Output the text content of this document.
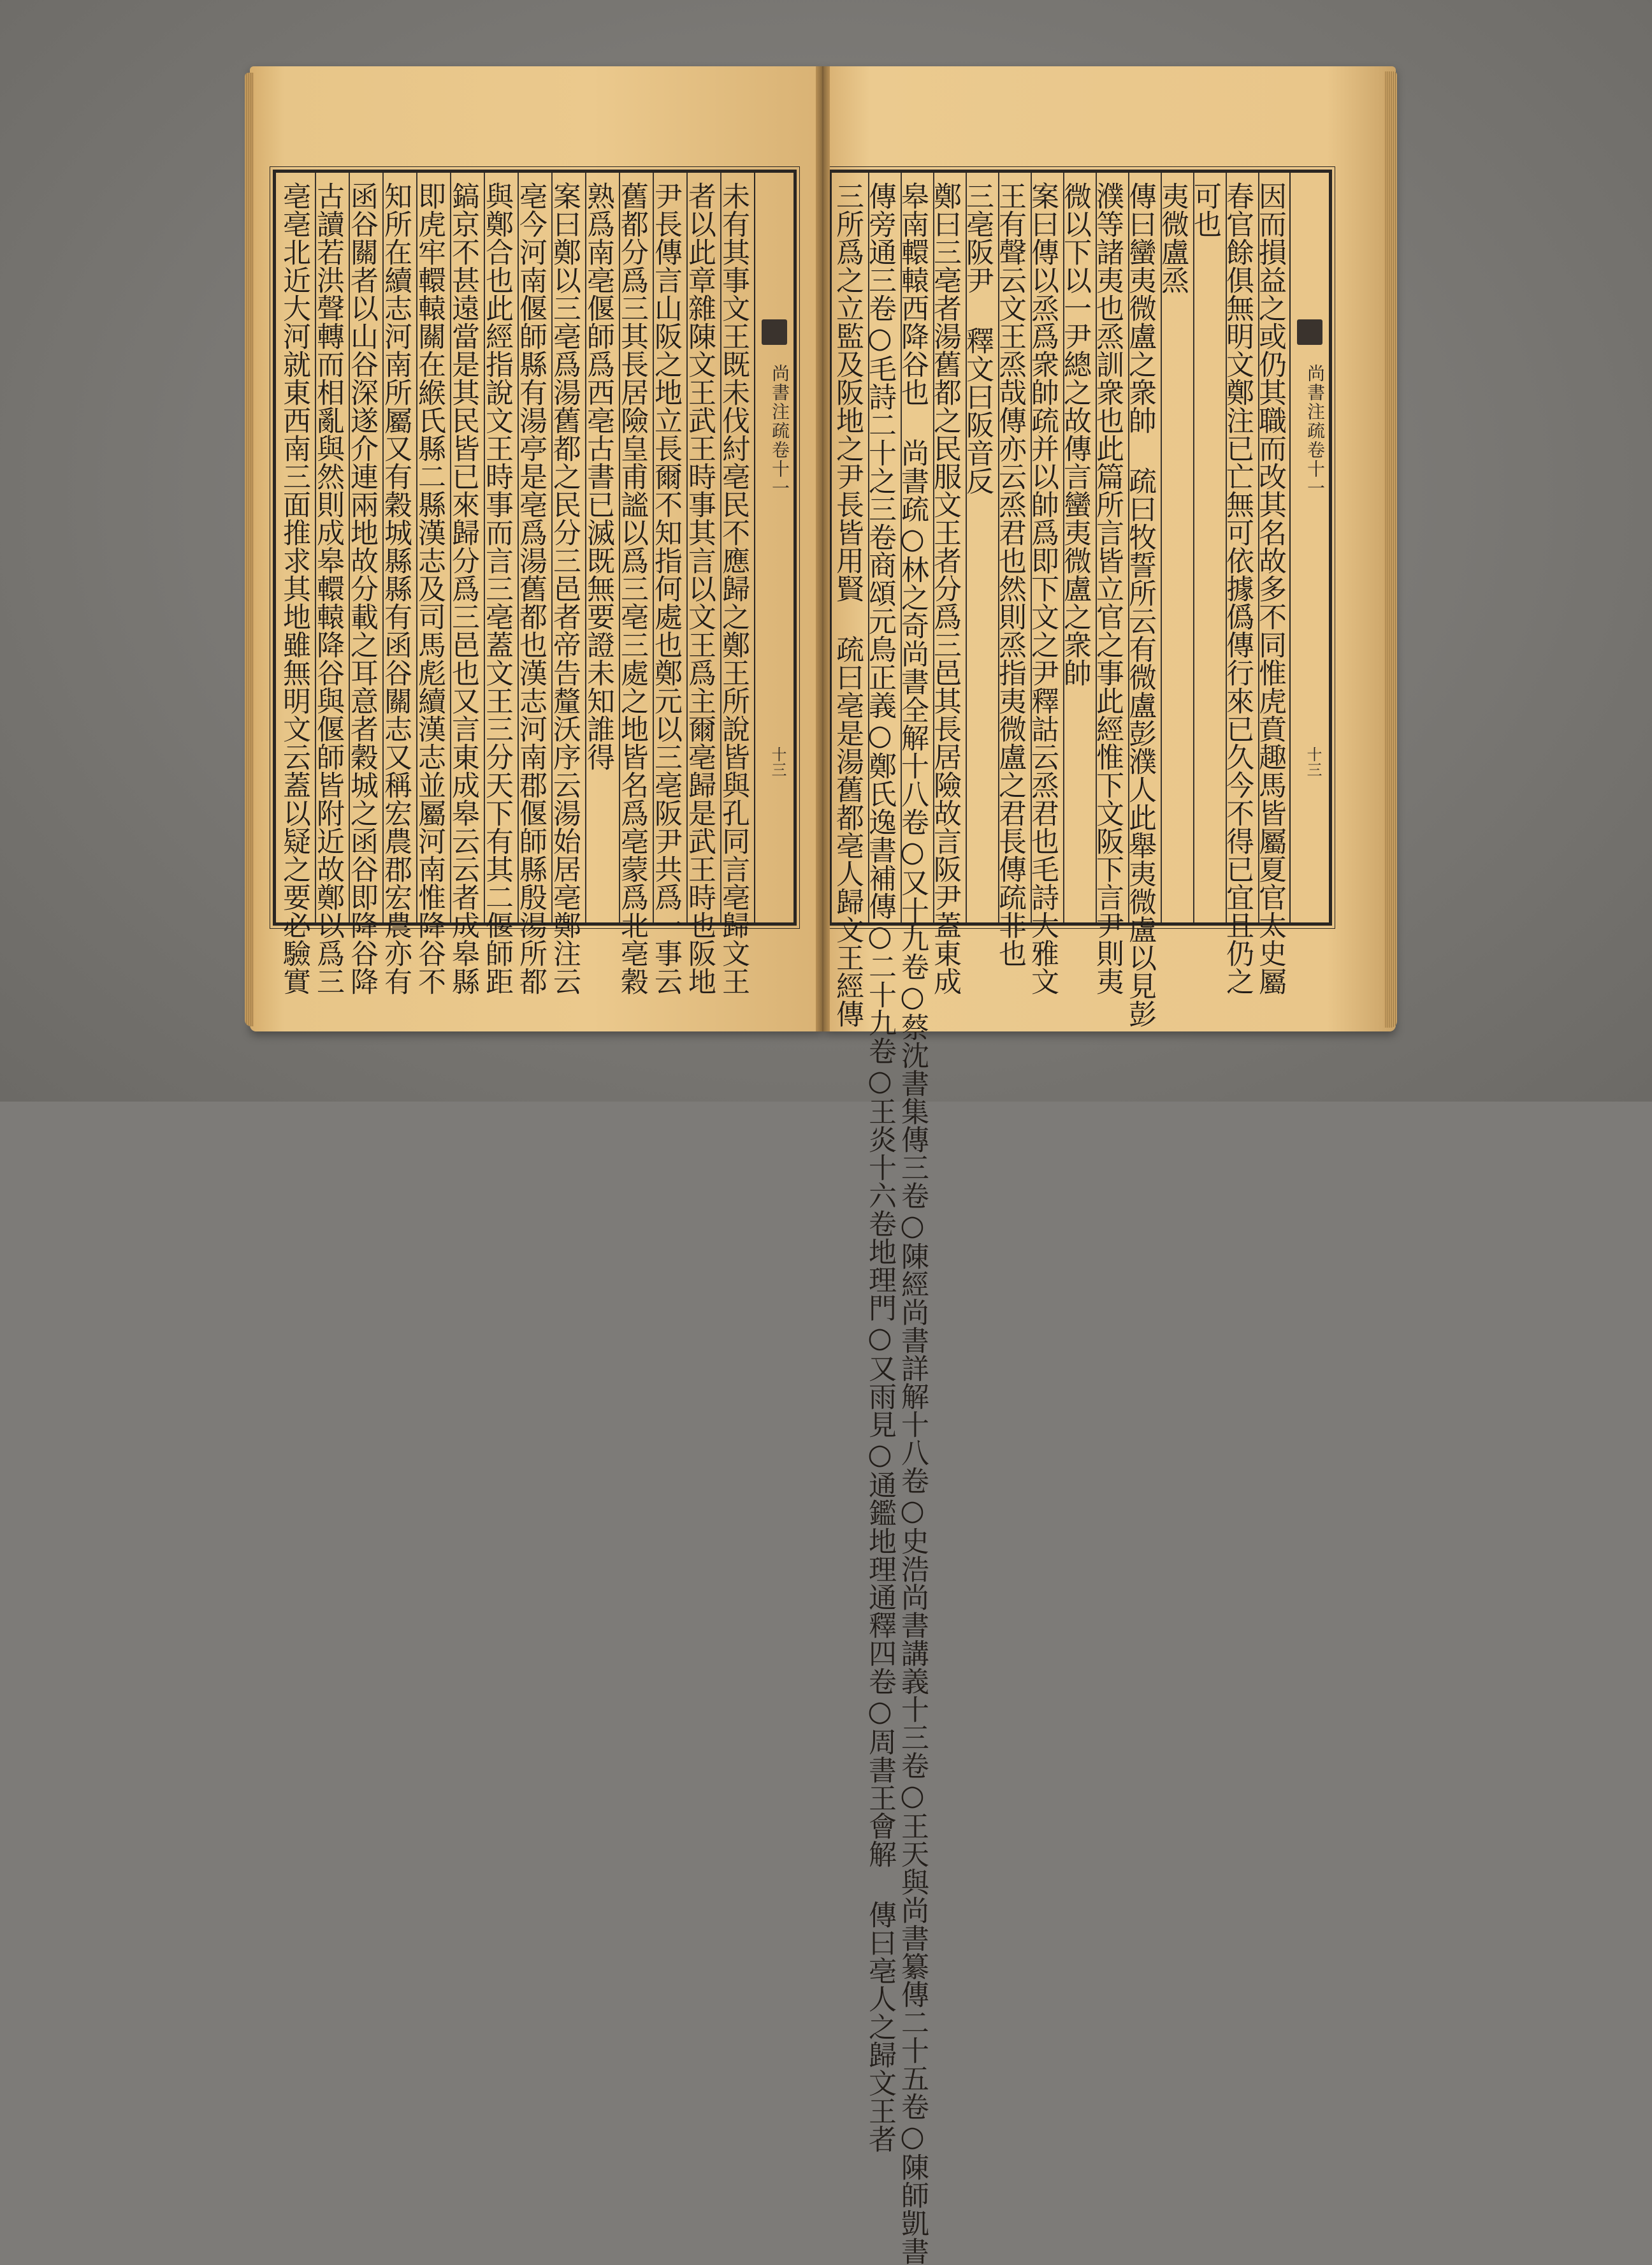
尚書注疏卷十一
十三
未有其事文王既未伐紂亳民不應歸之鄭王所說皆與孔同言亳歸文王
者以此章雜陳文王武王時事其言以文王爲主爾亳歸是武王時也阪地
尹長傳言山阪之地立長爾不知指何處也鄭元以三亳阪尹共爲一事云
舊都分爲三其長居險皇甫謐以爲三亳三處之地皆名爲亳蒙爲北亳穀
熟爲南亳偃師爲西亳古書已滅既無要證未知誰得
案曰鄭以三亳爲湯舊都之民分三邑者帝告釐沃序云湯始居亳鄭注云
亳今河南偃師縣有湯亭是亳爲湯舊都也漢志河南郡偃師縣殷湯所都
與鄭合也此經指說文王時事而言三亳蓋文王三分天下有其二偃師距
鎬京不甚遠當是其民皆已來歸分爲三邑也又言東成皋云云者成皋縣
即虎牢轘轅關在緱氏縣二縣漢志及司馬彪續漢志並屬河南惟降谷不
知所在續志河南所屬又有穀城縣縣有函谷關志又稱宏農郡宏農亦有
函谷關者以山谷深遂介連兩地故分載之耳意者穀城之函谷即降谷降
古讀若洪聲轉而相亂與然則成皋轘轅降谷與偃師皆附近故鄭以爲三
亳亳北近大河就東西南三面推求其地雖無明文云蓋以疑之要必驗實	因而損益之或仍其職而改其名故多不同惟虎賁趣馬皆屬夏官太史屬
春官餘俱無明文鄭注已亡無可依據僞傳行來已久今不得已宜且仍之
可也
夷微盧烝
傳曰蠻夷微盧之衆帥 疏曰牧誓所云有微盧彭濮人此舉夷微盧以見彭
濮等諸夷也烝訓衆也此篇所言皆立官之事此經惟下文阪下言尹則夷
微以下以一尹總之故傳言蠻夷微盧之衆帥
案曰傳以烝爲衆帥疏并以帥爲即下文之尹釋詁云烝君也毛詩大雅文
王有聲云文王烝哉傳亦云烝君也然則烝指夷微盧之君長傳疏非也
三亳阪尹 釋文曰阪音反
鄭曰三亳者湯舊都之民服文王者分爲三邑其長居險故言阪尹蓋東成
皋南轘轅西降谷也 尚書疏○林之奇尚書全解十八卷○又十九卷○蔡沈書集傳三卷○陳經尚書詳解十八卷○史浩尚書講義十三卷○王天與尚書纂傳二十五卷○陳師凱書
傳旁通三卷○毛詩二十之三卷商頌元鳥正義○鄭氏逸書補傳○二十九卷○王炎十六卷地理門○又雨見○通鑑地理通釋四卷○周書王會解 傳曰亳人之歸文王者
三所爲之立監及阪地之尹長皆用賢 疏曰亳是湯舊都亳人歸文王經傳	尚書注疏卷十一
十三
